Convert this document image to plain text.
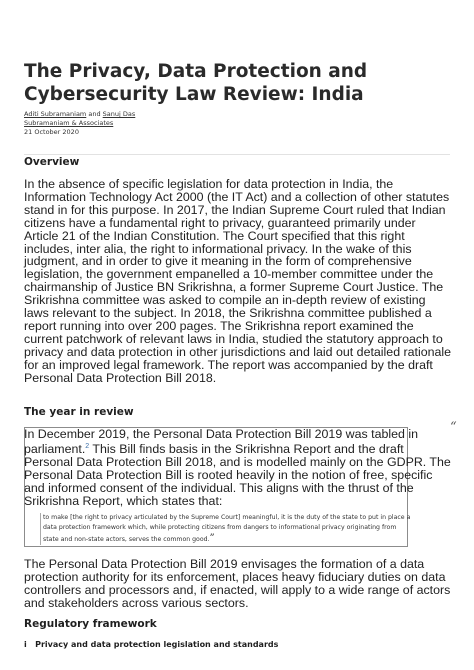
The Privacy, Data Protection and Cybersecurity Law Review: India
Aditi Subramaniam and Sanuj Das
Subramaniam & Associates
21 October 2020
Overview

In the absence of specific legislation for data protection in India, the Information Technology Act 2000 (the IT Act) and a collection of other statutes stand in for this purpose. In 2017, the Indian Supreme Court ruled that Indian citizens have a fundamental right to privacy, guaranteed primarily under Article 21 of the Indian Constitution. The Court specified that this right includes, inter alia, the right to informational privacy. In the wake of this judgment, and in order to give it meaning in the form of comprehensive legislation, the government empanelled a 10-member committee under the chairmanship of Justice BN Srikrishna, a former Supreme Court Justice. The Srikrishna committee was asked to compile an in-depth review of existing laws relevant to the subject. In 2018, the Srikrishna committee published a report running into over 200 pages. The Srikrishna report examined the current patchwork of relevant laws in India, studied the statutory approach to privacy and data protection in other jurisdictions and laid out detailed rationale for an improved legal framework. The report was accompanied by the draft Personal Data Protection Bill 2018.

The year in review
“

In December 2019, the Personal Data Protection Bill 2019 was tabled in parliament.$^2$ This Bill finds basis in the Srikrishna Report and the draft Personal Data Protection Bill 2018, and is modelled mainly on the GDPR. The Personal Data Protection Bill is rooted heavily in the notion of free, specific and informed consent of the individual. This aligns with the thrust of the Srikrishna Report, which states that:

to make [the right to privacy articulated by the Supreme Court] meaningful, it is the duty of the state to put in place a data protection framework which, while protecting citizens from dangers to informational privacy originating from state and non-state actors, serves the common good.”

The Personal Data Protection Bill 2019 envisages the formation of a data protection authority for its enforcement, places heavy fiduciary duties on data controllers and processors and, if enacted, will apply to a wide range of actors and stakeholders across various sectors.

Regulatory framework
i Privacy and data protection legislation and standards
